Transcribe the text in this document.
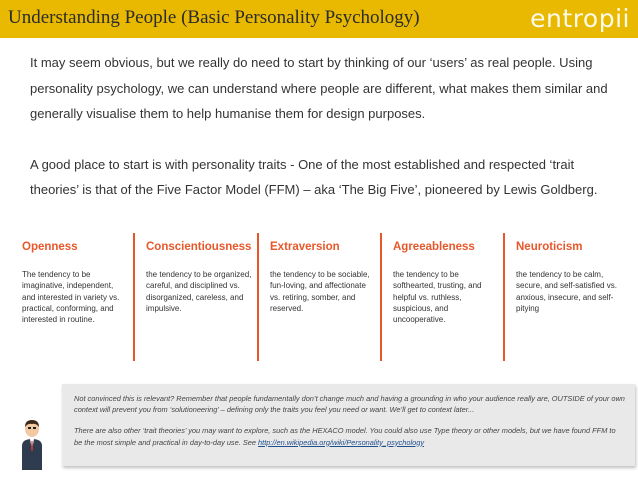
Understanding People (Basic Personality Psychology)	entropii

It may seem obvious, but we really do need to start by thinking of our ‘users’ as real people. Using personality psychology, we can understand where people are different, what makes them similar and generally visualise them to help humanise them for design purposes.

A good place to start is with personality traits - One of the most established and respected ‘trait theories’ is that of the Five Factor Model (FFM) – aka ‘The Big Five’, pioneered by Lewis Goldberg.

Openness
The tendency to be imaginative, independent, and interested in variety vs. practical, conforming, and interested in routine.
Conscientiousness
the tendency to be organized, careful, and disciplined vs. disorganized, careless, and impulsive.
Extraversion
the tendency to be sociable, fun-loving, and affectionate vs. retiring, somber, and reserved.
Agreeableness
the tendency to be softhearted, trusting, and helpful vs. ruthless, suspicious, and uncooperative.
Neuroticism
the tendency to be calm, secure, and self-satisfied vs. anxious, insecure, and self-pitying

Not convinced this is relevant? Remember that people fundamentally don’t change much and having a grounding in who your audience really are, OUTSIDE of your own context will prevent you from ‘solutioneering’ – defining only the traits you feel you need or want. We’ll get to context later...

There are also other ‘trait theories’ you may want to explore, such as the HEXACO model. You could also use Type theory or other models, but we have found FFM to be the most simple and practical in day-to-day use. See http://en.wikipedia.org/wiki/Personality_psychology
